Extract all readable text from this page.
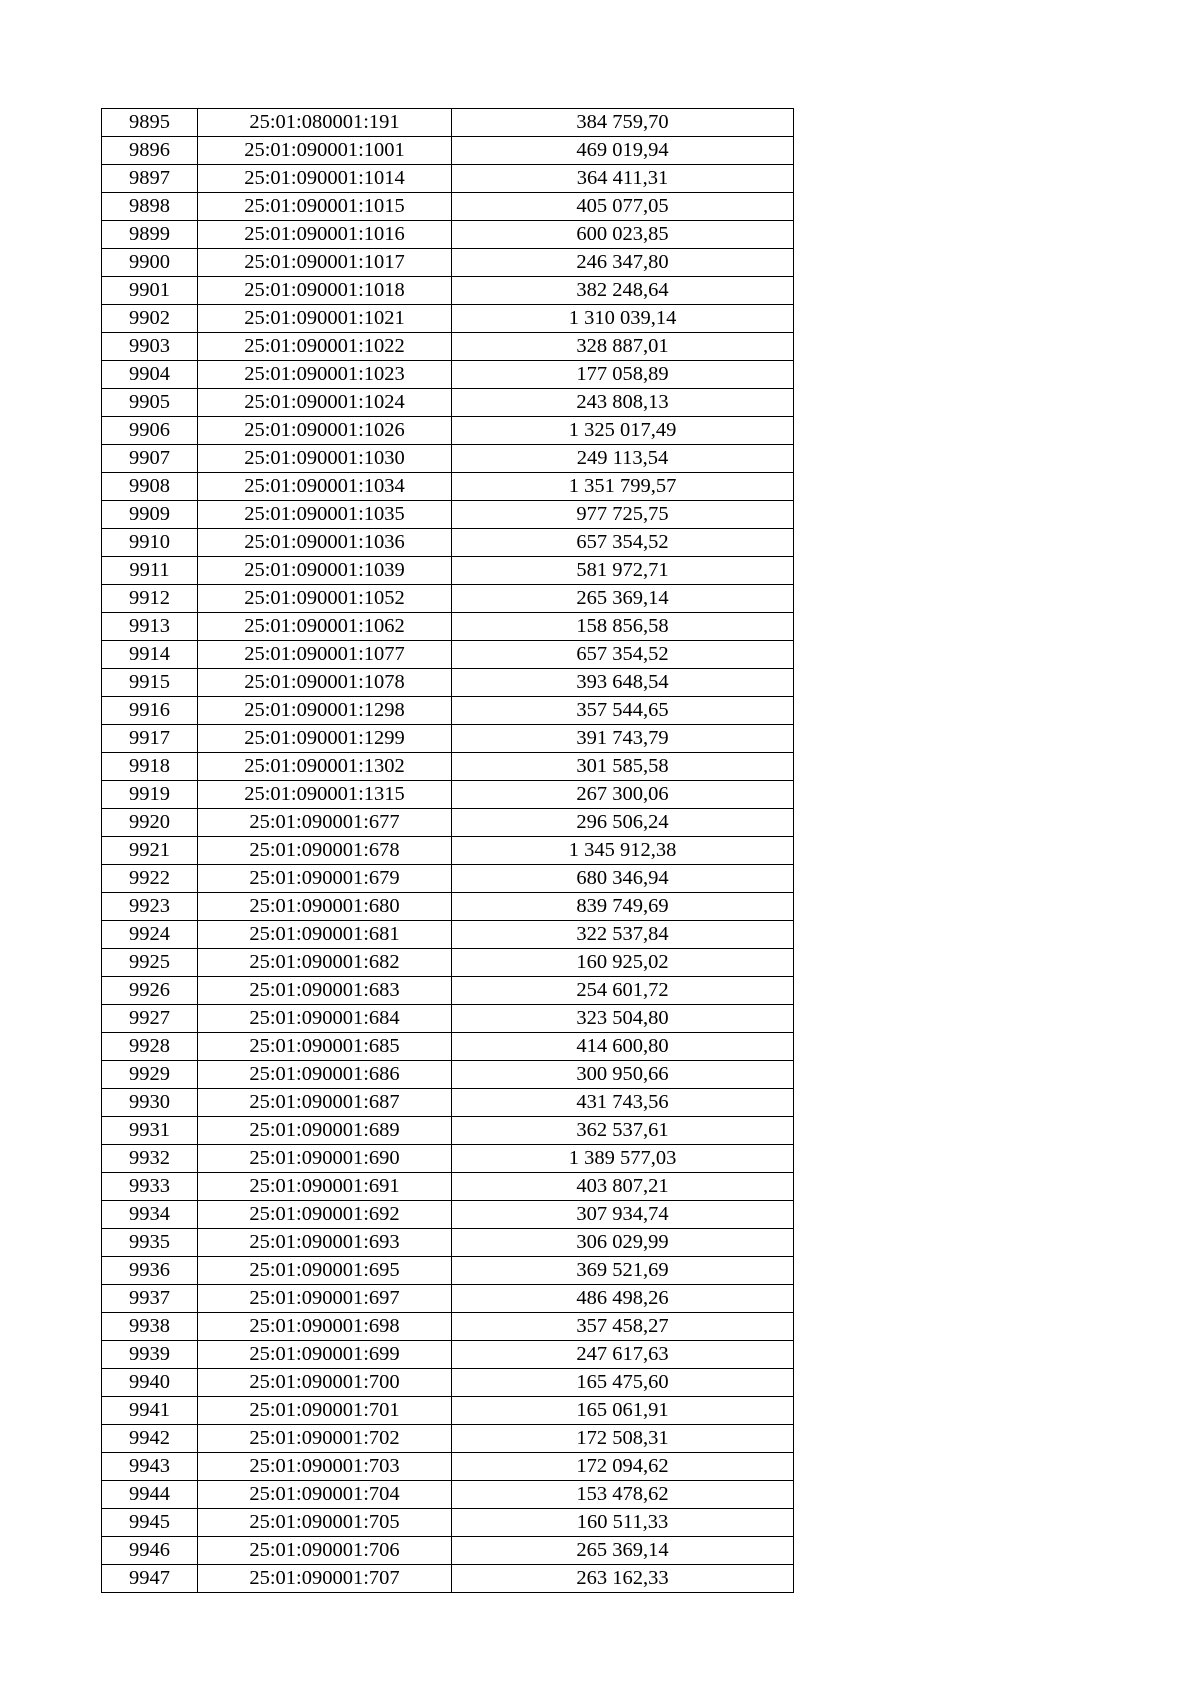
9895	25:01:080001:191	384 759,70
9896	25:01:090001:1001	469 019,94
9897	25:01:090001:1014	364 411,31
9898	25:01:090001:1015	405 077,05
9899	25:01:090001:1016	600 023,85
9900	25:01:090001:1017	246 347,80
9901	25:01:090001:1018	382 248,64
9902	25:01:090001:1021	1 310 039,14
9903	25:01:090001:1022	328 887,01
9904	25:01:090001:1023	177 058,89
9905	25:01:090001:1024	243 808,13
9906	25:01:090001:1026	1 325 017,49
9907	25:01:090001:1030	249 113,54
9908	25:01:090001:1034	1 351 799,57
9909	25:01:090001:1035	977 725,75
9910	25:01:090001:1036	657 354,52
9911	25:01:090001:1039	581 972,71
9912	25:01:090001:1052	265 369,14
9913	25:01:090001:1062	158 856,58
9914	25:01:090001:1077	657 354,52
9915	25:01:090001:1078	393 648,54
9916	25:01:090001:1298	357 544,65
9917	25:01:090001:1299	391 743,79
9918	25:01:090001:1302	301 585,58
9919	25:01:090001:1315	267 300,06
9920	25:01:090001:677	296 506,24
9921	25:01:090001:678	1 345 912,38
9922	25:01:090001:679	680 346,94
9923	25:01:090001:680	839 749,69
9924	25:01:090001:681	322 537,84
9925	25:01:090001:682	160 925,02
9926	25:01:090001:683	254 601,72
9927	25:01:090001:684	323 504,80
9928	25:01:090001:685	414 600,80
9929	25:01:090001:686	300 950,66
9930	25:01:090001:687	431 743,56
9931	25:01:090001:689	362 537,61
9932	25:01:090001:690	1 389 577,03
9933	25:01:090001:691	403 807,21
9934	25:01:090001:692	307 934,74
9935	25:01:090001:693	306 029,99
9936	25:01:090001:695	369 521,69
9937	25:01:090001:697	486 498,26
9938	25:01:090001:698	357 458,27
9939	25:01:090001:699	247 617,63
9940	25:01:090001:700	165 475,60
9941	25:01:090001:701	165 061,91
9942	25:01:090001:702	172 508,31
9943	25:01:090001:703	172 094,62
9944	25:01:090001:704	153 478,62
9945	25:01:090001:705	160 511,33
9946	25:01:090001:706	265 369,14
9947	25:01:090001:707	263 162,33
